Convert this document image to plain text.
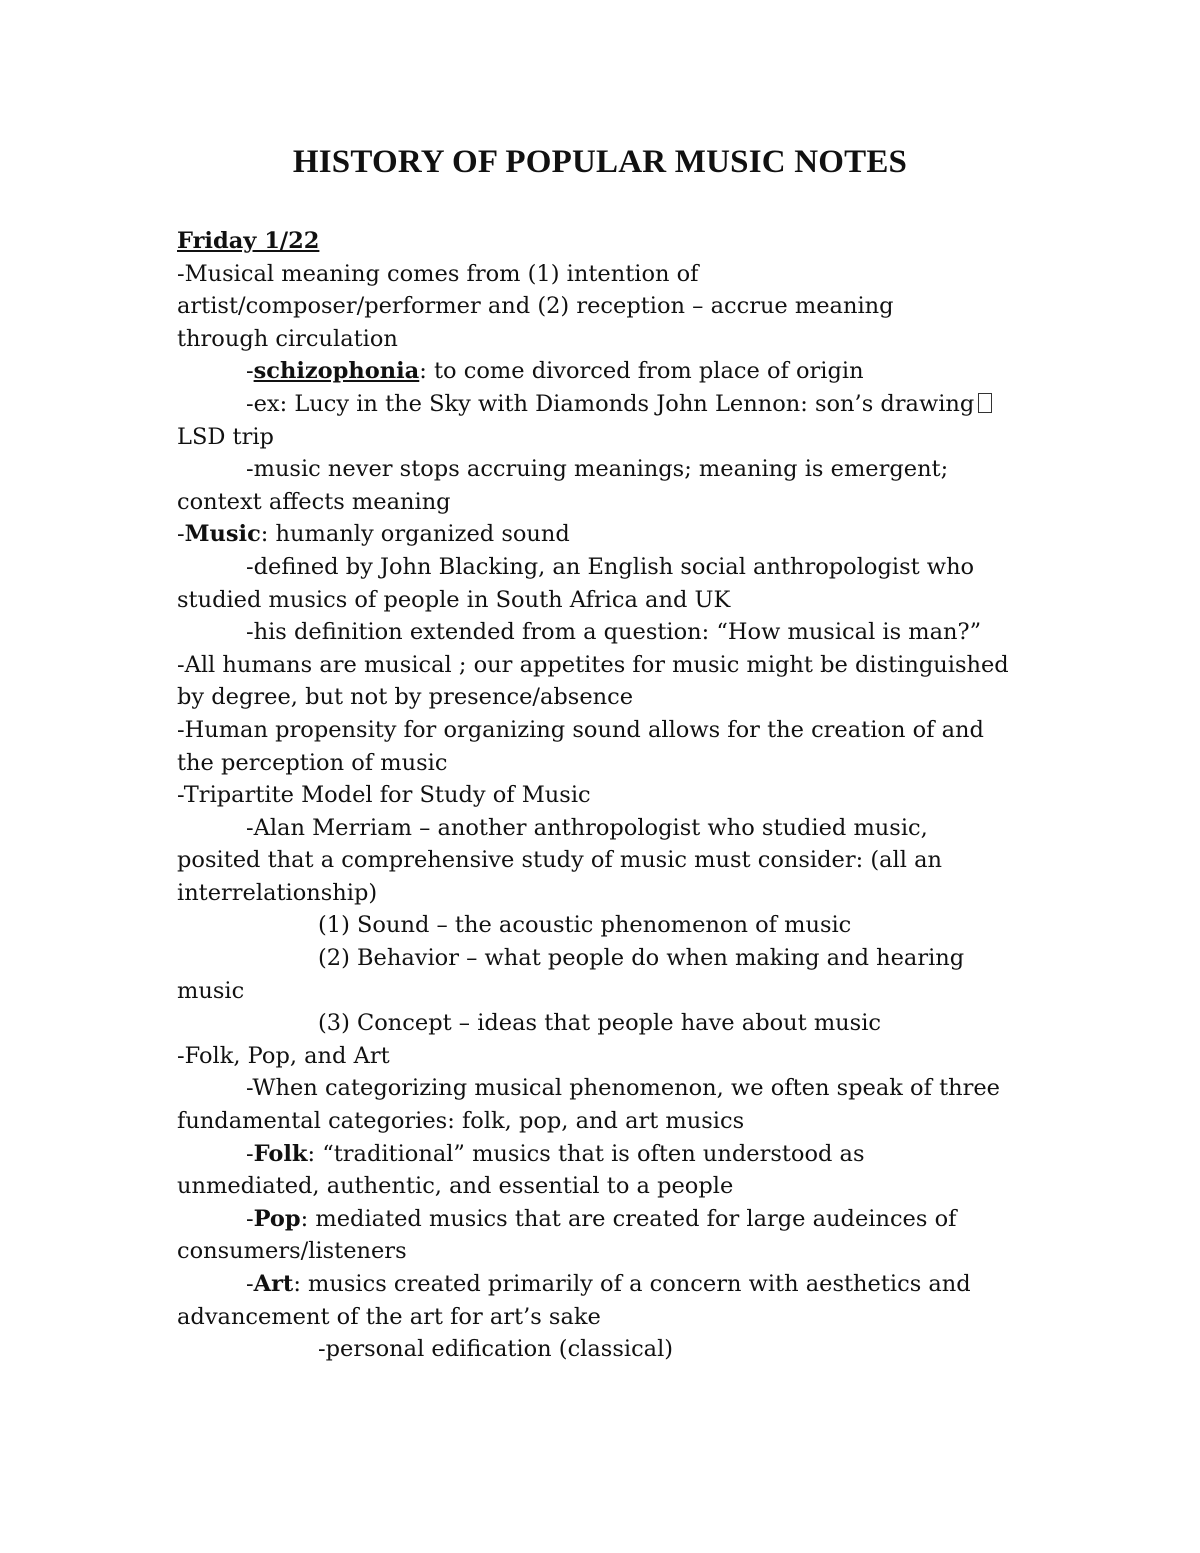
HISTORY OF POPULAR MUSIC NOTES
Friday 1/22
-Musical meaning comes from (1) intention of
artist/composer/performer and (2) reception – accrue meaning
through circulation
-schizophonia: to come divorced from place of origin
-ex: Lucy in the Sky with Diamonds John Lennon: son’s drawing
LSD trip
-music never stops accruing meanings; meaning is emergent;
context affects meaning
-Music: humanly organized sound
-defined by John Blacking, an English social anthropologist who
studied musics of people in South Africa and UK
-his definition extended from a question: “How musical is man?”
-All humans are musical ; our appetites for music might be distinguished
by degree, but not by presence/absence
-Human propensity for organizing sound allows for the creation of and
the perception of music
-Tripartite Model for Study of Music
-Alan Merriam – another anthropologist who studied music,
posited that a comprehensive study of music must consider: (all an
interrelationship)
(1) Sound – the acoustic phenomenon of music
(2) Behavior – what people do when making and hearing
music
(3) Concept – ideas that people have about music
-Folk, Pop, and Art
-When categorizing musical phenomenon, we often speak of three
fundamental categories: folk, pop, and art musics
-Folk: “traditional” musics that is often understood as
unmediated, authentic, and essential to a people
-Pop: mediated musics that are created for large audeinces of
consumers/listeners
-Art: musics created primarily of a concern with aesthetics and
advancement of the art for art’s sake
-personal edification (classical)
